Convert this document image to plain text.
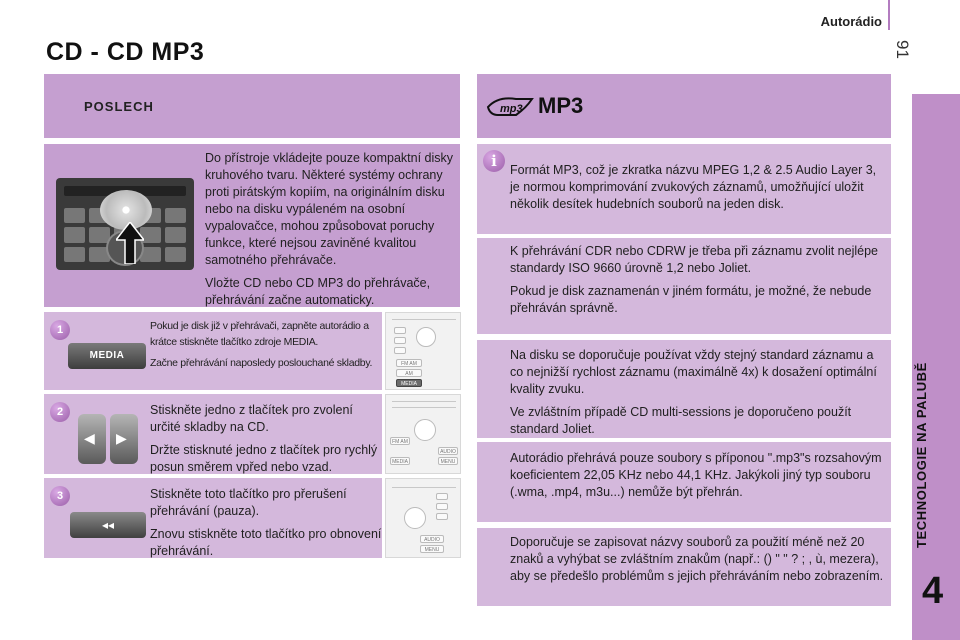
Autorádio
91
CD - CD MP3
TECHNOLOGIE NA PALUBĚ
4
POSLECH

Do přístroje vkládejte pouze kompaktní disky kruhového tvaru. Některé systémy ochrany proti pirátským kopiím, na originálním disku nebo na disku vypáleném na osobní vypalovačce, mohou způsobovat poruchy funkce, které nejsou zaviněné kvalitou samotného přehrávače.

Vložte CD nebo CD MP3 do přehrávače, přehrávání začne automaticky.

1
MEDIA

Pokud je disk již v přehrávači, zapněte autorádio a krátce stiskněte tlačítko zdroje MEDIA.

Začne přehrávání naposledy poslouchané skladby.	FM AM
AM
MEDIA
2
◀ ▶

Stiskněte jedno z tlačítek pro zvolení určité skladby na CD.

Držte stisknuté jedno z tlačítek pro rychlý posun směrem vpřed nebo vzad.

FM AM
AUDIO
MEDIA	MENU
3
◂◂

Stiskněte toto tlačítko pro přerušení přehrávání (pauza).

Znovu stiskněte toto tlačítko pro obnovení přehrávání.

AUDIO
MENU
mp3 MP3
i	Formát MP3, což je zkratka názvu MPEG 1,2 & 2.5 Audio Layer 3, je normou komprimování zvukových záznamů, umožňující uložit několik desítek hudebních souborů na jeden disk.

K přehrávání CDR nebo CDRW je třeba při záznamu zvolit nejlépe standardy ISO 9660 úrovně 1,2 nebo Joliet.

Pokud je disk zaznamenán v jiném formátu, je možné, že nebude přehráván správně.

Na disku se doporučuje používat vždy stejný standard záznamu a co nejnižší rychlost záznamu (maximálně 4x) k dosažení optimální kvality zvuku.

Ve zvláštním případě CD multi-sessions je doporučeno použít standard Joliet.

Autorádio přehrává pouze soubory s příponou ".mp3"s rozsahovým koeficientem 22,05 KHz nebo 44,1 KHz. Jakýkoli jiný typ souboru (.wma, .mp4, m3u...) nemůže být přehrán.

Doporučuje se zapisovat názvy souborů za použití méně než 20 znaků a vyhýbat se zvláštním znakům (např.: () " " ? ; , ù, mezera), aby se předešlo problémům s jejich přehráváním nebo zobrazením.
